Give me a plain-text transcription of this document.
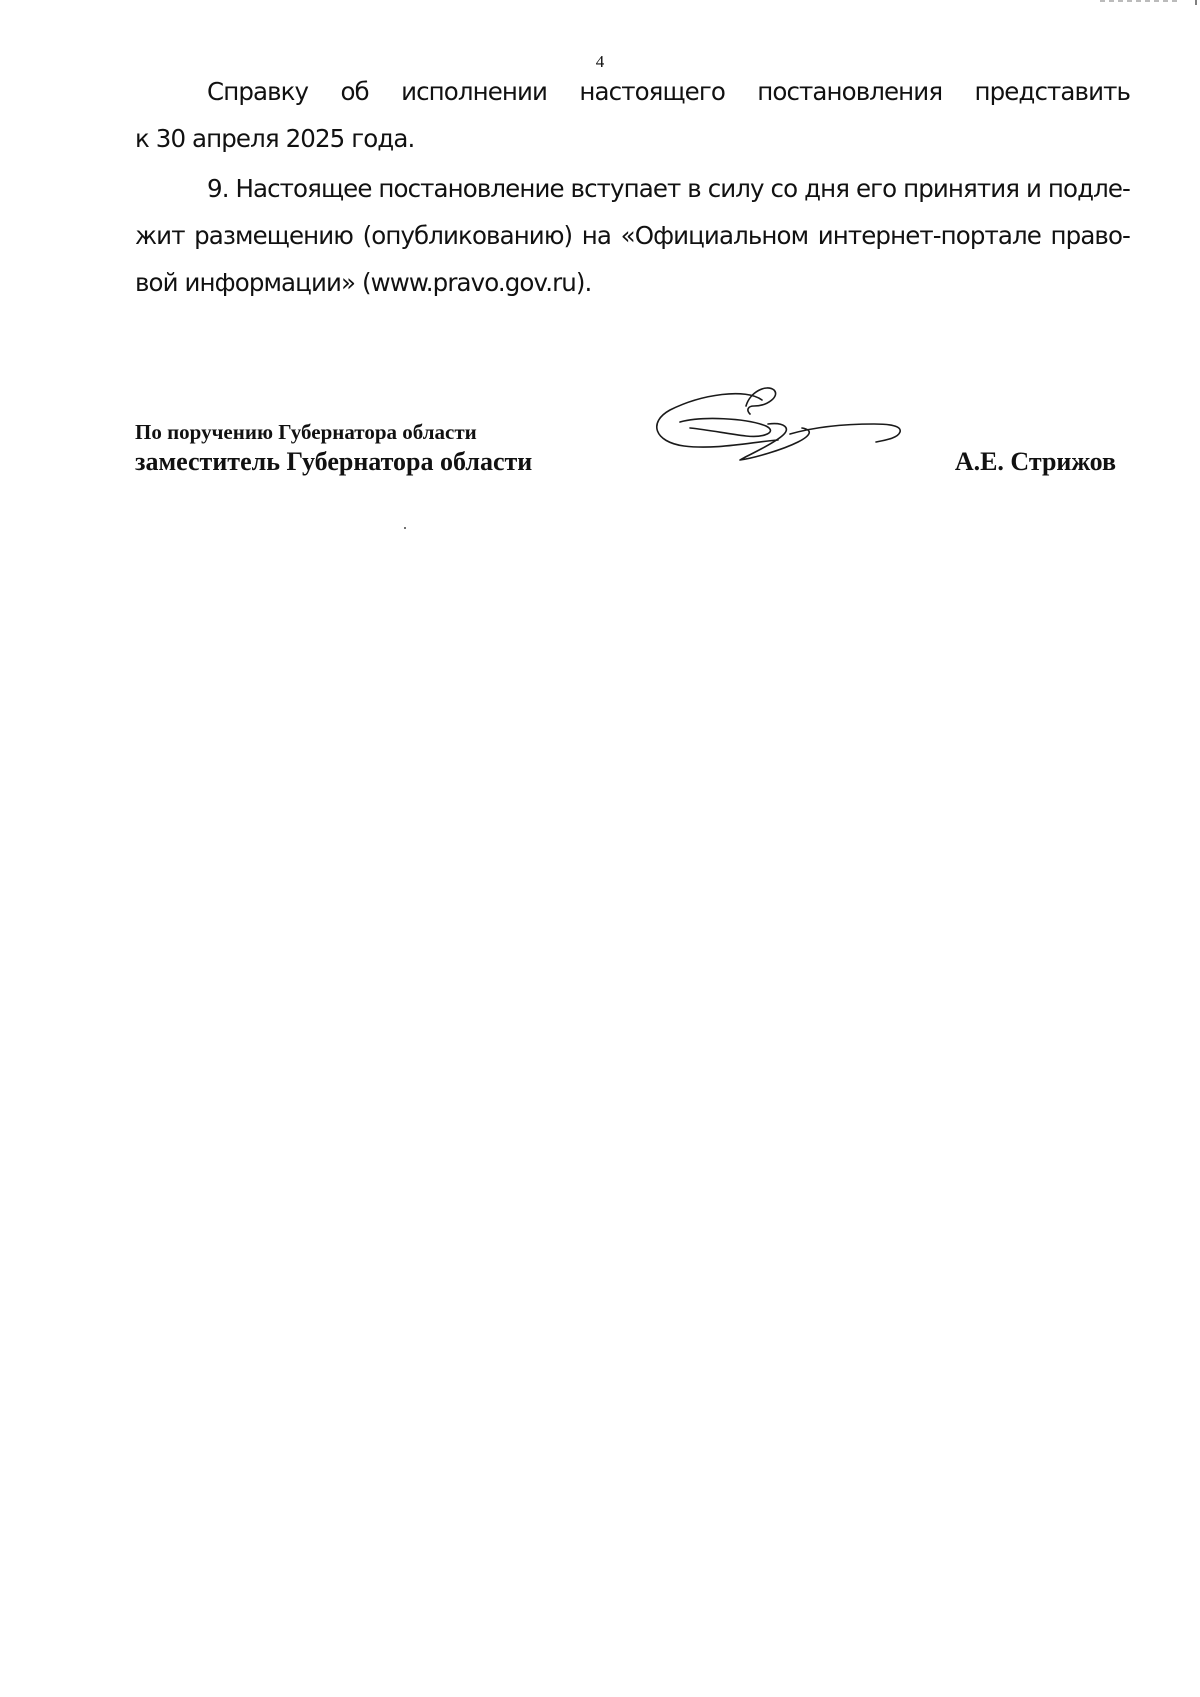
4

Справку об исполнении настоящего постановления представить

к 30 апреля 2025 года.

9. Настоящее постановление вступает в силу со дня его принятия и подле-

жит размещению (опубликованию) на «Официальном интернет-портале право-

вой информации» (www.pravo.gov.ru).

По поручению Губернатора области
заместитель Губернатора области	А.Е. Стрижов
